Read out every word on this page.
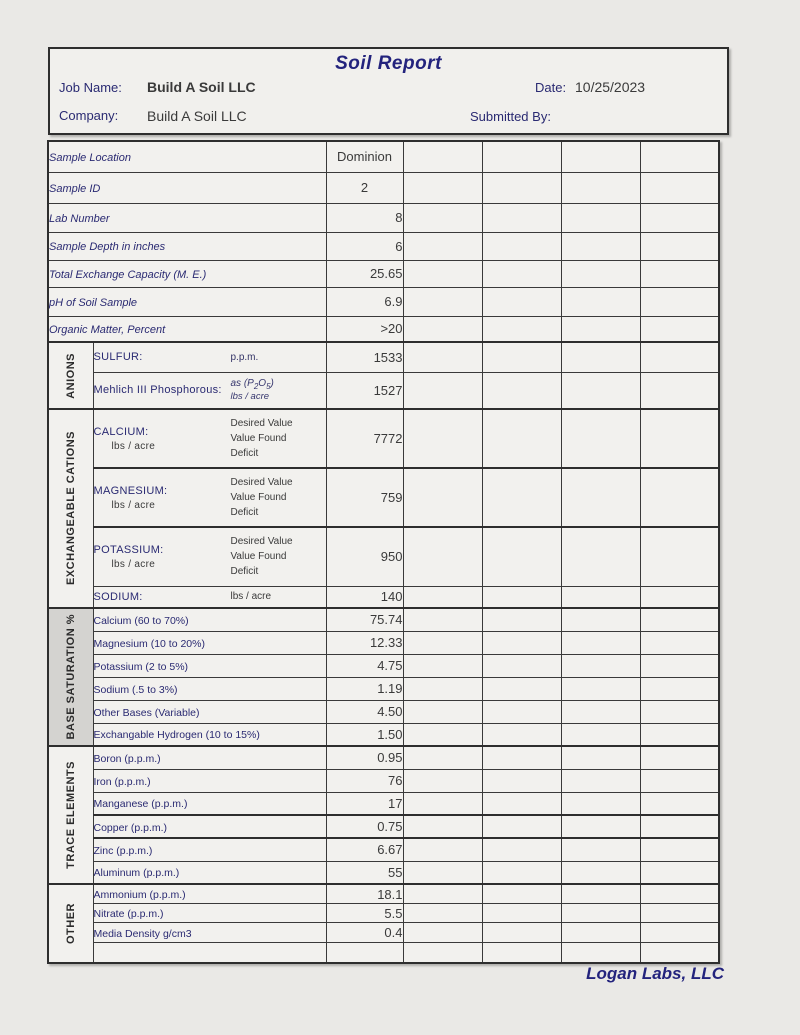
Soil Report
Job Name: Build A Soil LLC	Date: 10/25/2023
Company: Build A Soil LLC	Submitted By:
Sample Location		Dominion				
Sample ID		2				
Lab Number		8				
Sample Depth in inches		6				
Total Exchange Capacity (M. E.)		25.65				
pH of Soil Sample		6.9				
Organic Matter, Percent		>20				

ANIONS	SULFUR: p.p.m.	1533				

	Mehlich III Phosphorous:
as $(P_2O_5)$
lbs / acre	1527				

EXCHANGEABLE CATIONS	CALCIUM:
lbs / acre
Desired Value
Value Found
Deficit	7772				

	MAGNESIUM:
lbs / acre
Desired Value
Value Found
Deficit	759				

	POTASSIUM:
lbs / acre
Desired Value
Value Found
Deficit	950				

	SODIUM: lbs / acre	140				

BASE SATURATION %	Calcium (60 to 70%)	75.74				
	Magnesium (10 to 20%)	12.33				
	Potassium (2 to 5%)	4.75				
	Sodium (.5 to 3%)	1.19				
	Other Bases (Variable)	4.50				
	Exchangable Hydrogen (10 to 15%)	1.50				

TRACE ELEMENTS	Boron (p.p.m.)	0.95				
	Iron (p.p.m.)	76				
	Manganese (p.p.m.)	17				
	Copper (p.p.m.)	0.75				
	Zinc (p.p.m.)	6.67				
	Aluminum (p.p.m.)	55				

OTHER	Ammonium (p.p.m.)	18.1				
	Nitrate (p.p.m.)	5.5				
	Media Density g/cm3	0.4				

Logan Labs, LLC
